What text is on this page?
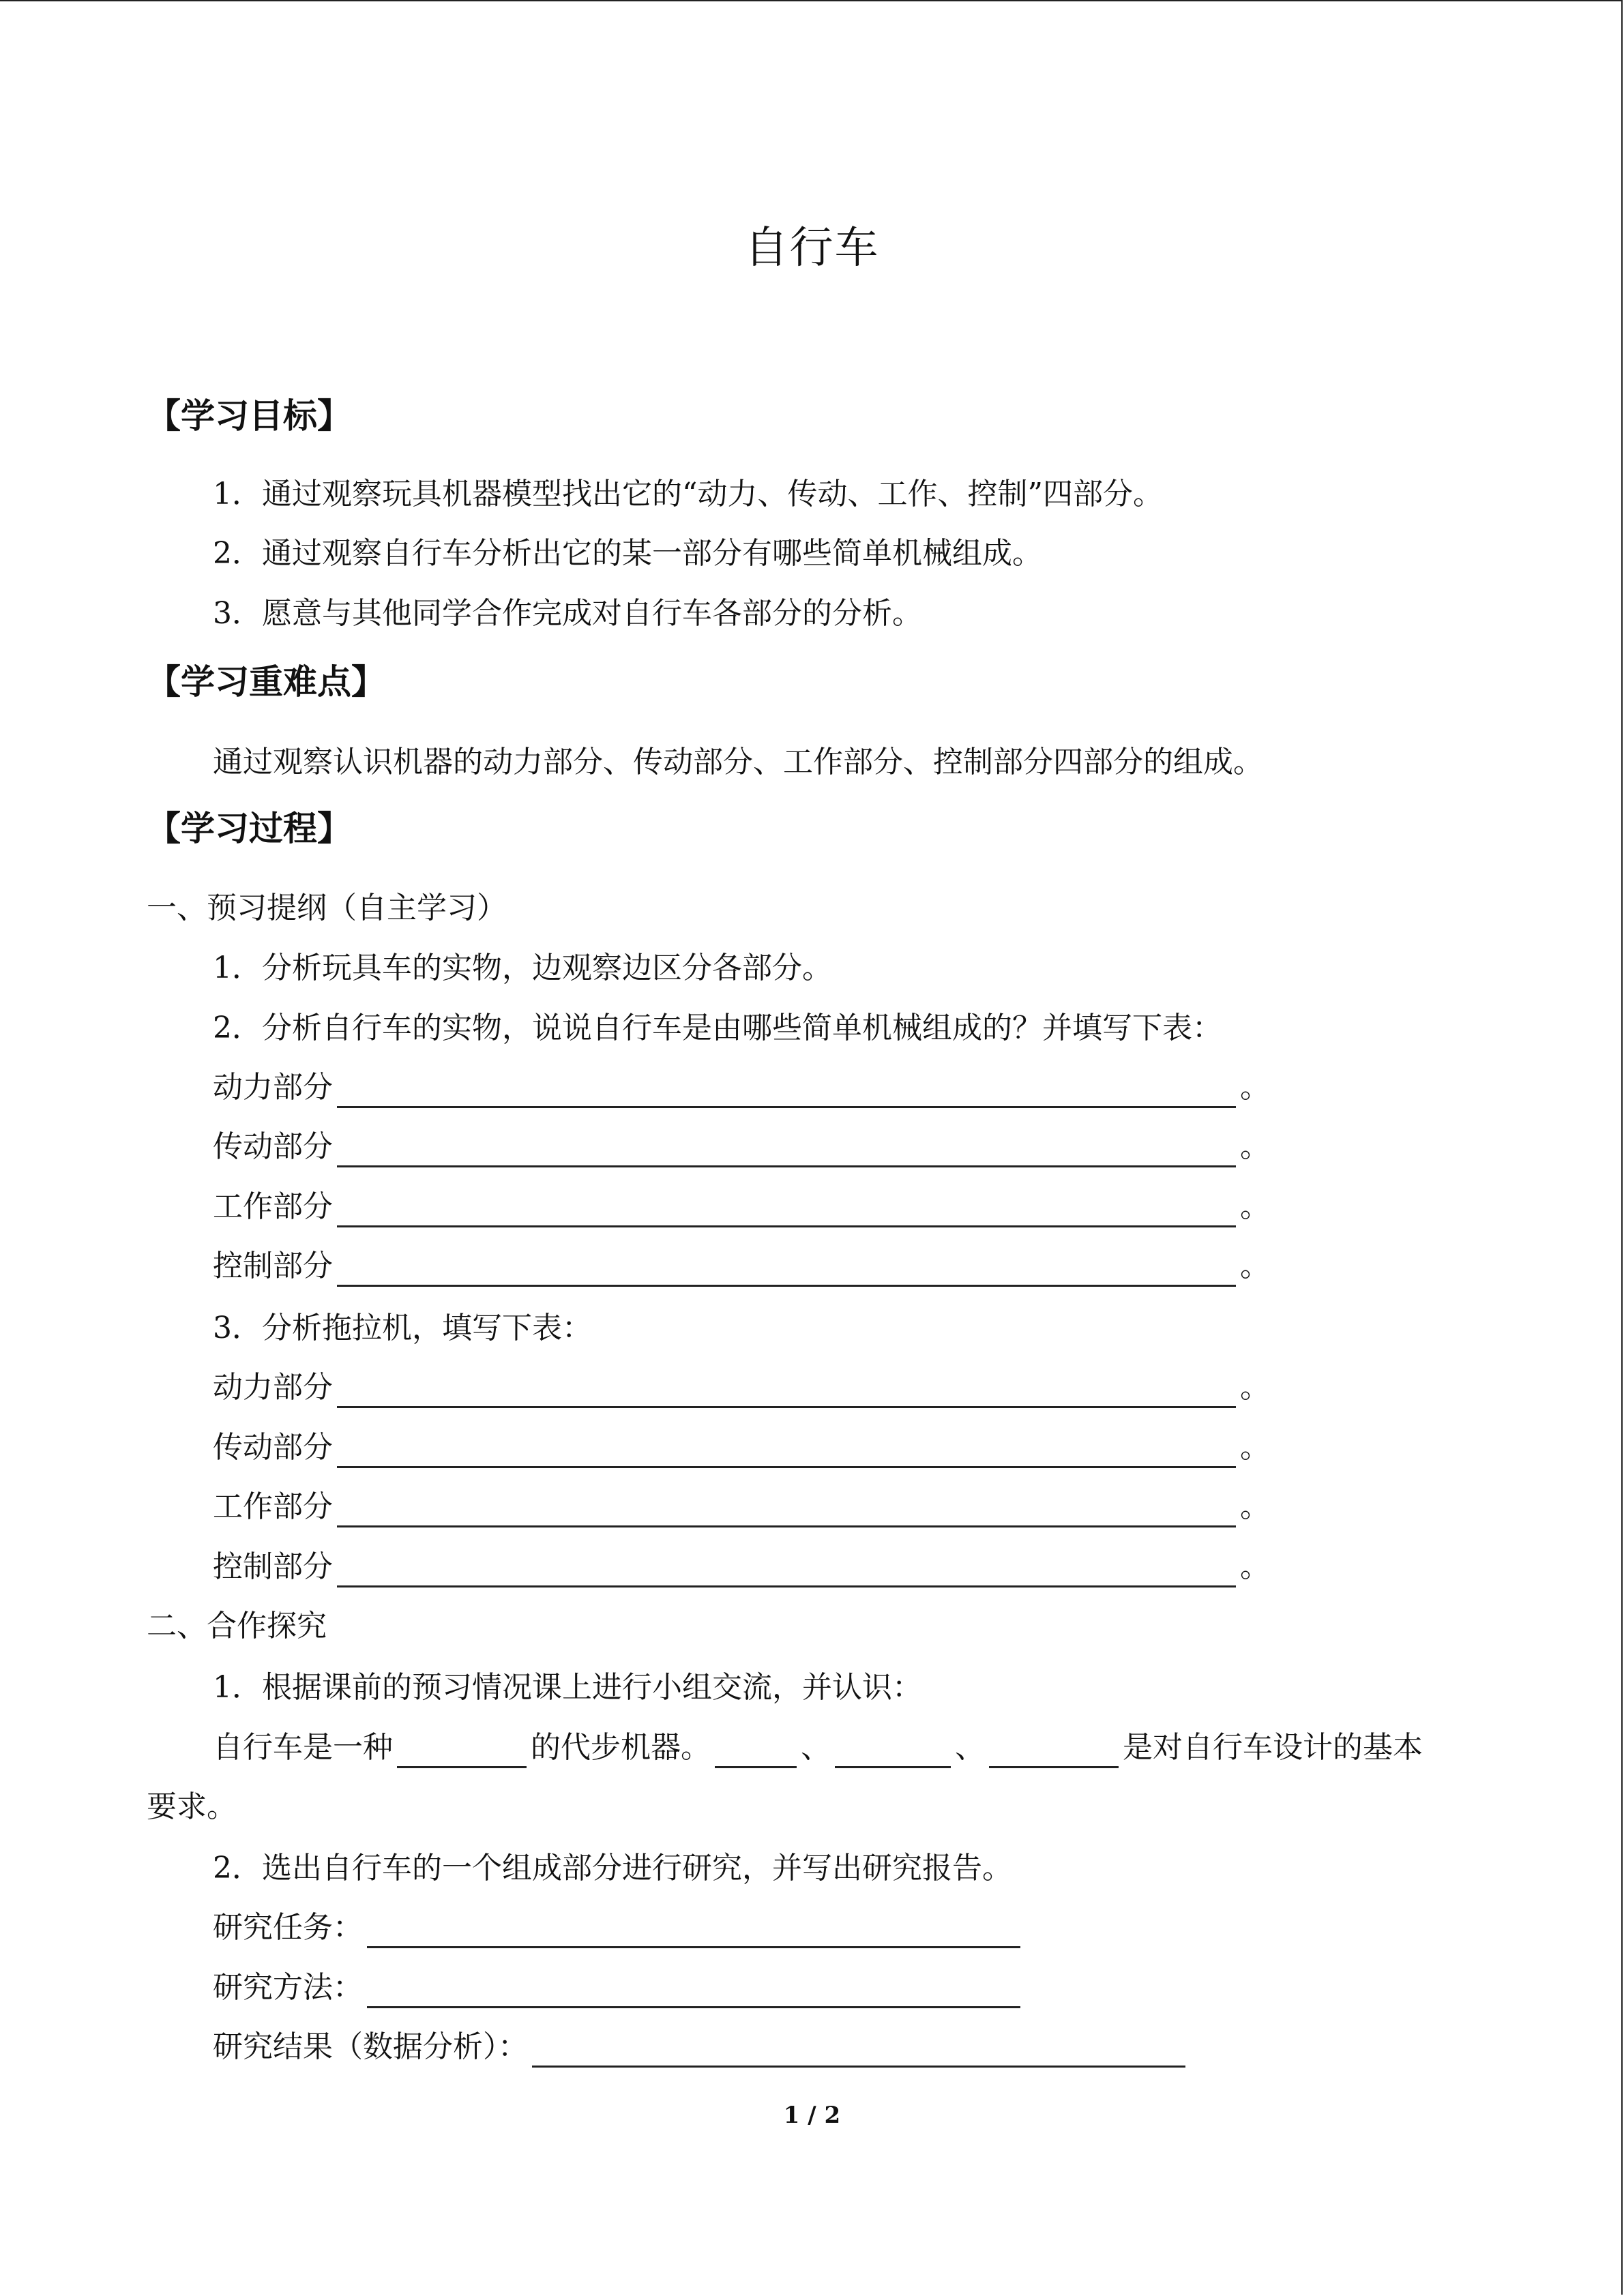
自行车
【学习目标】
1．通过观察玩具机器模型找出它的“动力、传动、工作、控制”四部分。
2．通过观察自行车分析出它的某一部分有哪些简单机械组成。
3．愿意与其他同学合作完成对自行车各部分的分析。
【学习重难点】
通过观察认识机器的动力部分、传动部分、工作部分、控制部分四部分的组成。
【学习过程】
一、预习提纲（自主学习）
1．分析玩具车的实物，边观察边区分各部分。
2．分析自行车的实物，说说自行车是由哪些简单机械组成的？并填写下表：
动力部分	。
传动部分	。
工作部分	。
控制部分	。
3．分析拖拉机，填写下表：
动力部分	。
传动部分	。
工作部分	。
控制部分	。
二、合作探究
1．根据课前的预习情况课上进行小组交流，并认识：
自行车是一种	的代步机器。	、	、	是对自行车设计的基本
要求。
2．选出自行车的一个组成部分进行研究，并写出研究报告。
研究任务：
研究方法：
研究结果（数据分析）：
1 / 2
